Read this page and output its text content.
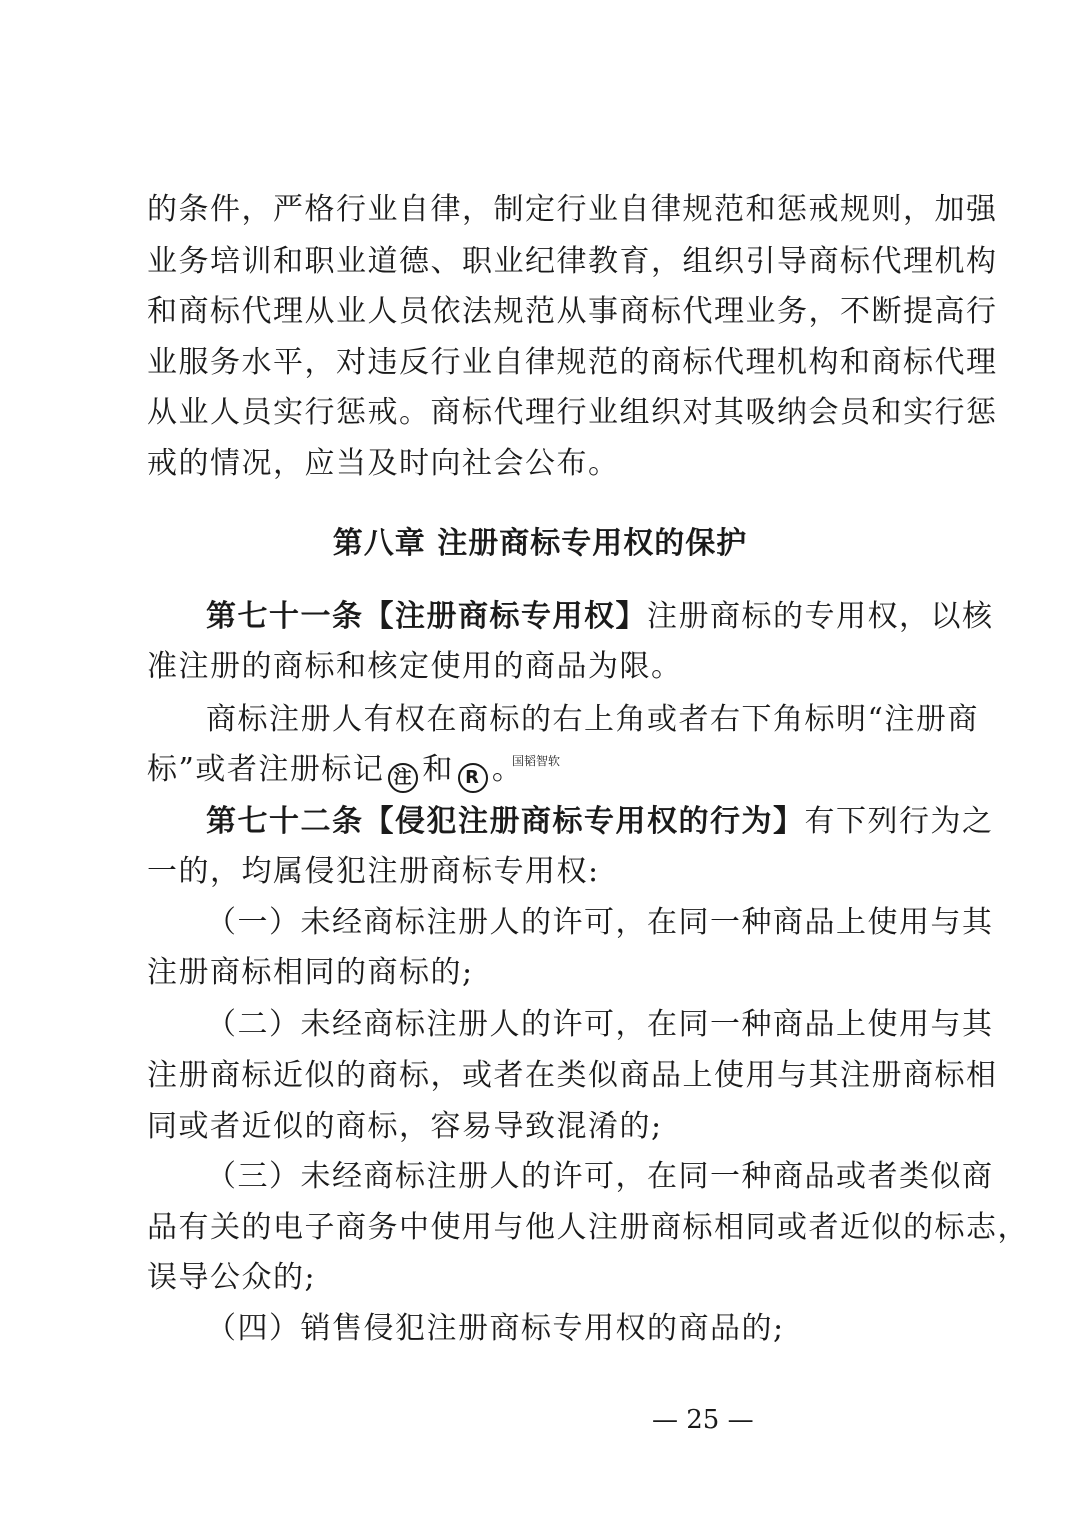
的条件，严格行业自律，制定行业自律规范和惩戒规则，加强
业务培训和职业道德、职业纪律教育，组织引导商标代理机构
和商标代理从业人员依法规范从事商标代理业务，不断提高行
业服务水平，对违反行业自律规范的商标代理机构和商标代理
从业人员实行惩戒。商标代理行业组织对其吸纳会员和实行惩
戒的情况，应当及时向社会公布。
第八章 注册商标专用权的保护
第七十一条【注册商标专用权】注册商标的专用权，以核
准注册的商标和核定使用的商品为限。
商标注册人有权在商标的右上角或者右下角标明“注册商
标”或者注册标记 注 和 R 。
国韬智软
第七十二条【侵犯注册商标专用权的行为】有下列行为之
一的，均属侵犯注册商标专用权:
（一）未经商标注册人的许可，在同一种商品上使用与其
注册商标相同的商标的;
（二）未经商标注册人的许可，在同一种商品上使用与其
注册商标近似的商标，或者在类似商品上使用与其注册商标相
同或者近似的商标，容易导致混淆的;
（三）未经商标注册人的许可，在同一种商品或者类似商
品有关的电子商务中使用与他人注册商标相同或者近似的标志，
误导公众的;
（四）销售侵犯注册商标专用权的商品的;
— 25 —
